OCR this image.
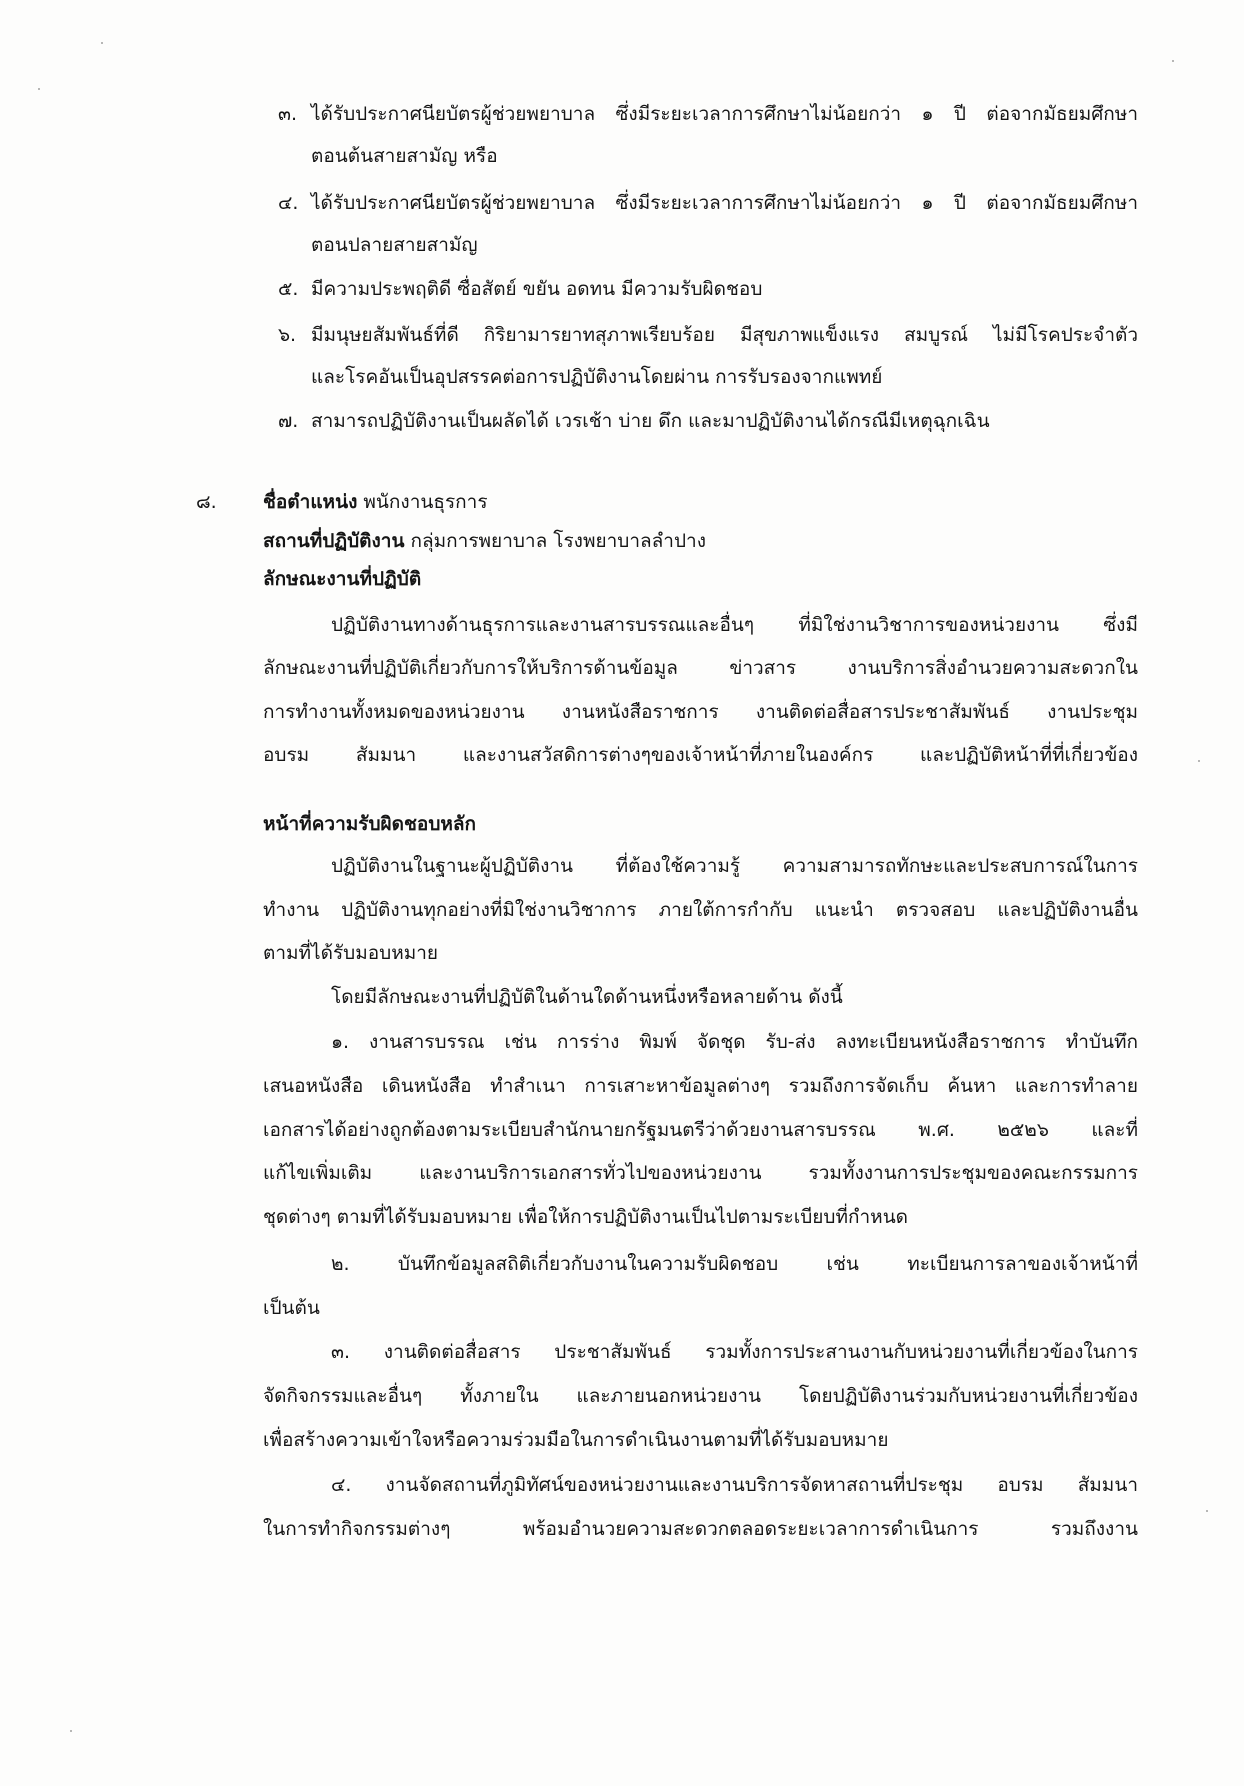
๓. ได้รับประกาศนียบัตรผู้ช่วยพยาบาล ซึ่งมีระยะเวลาการศึกษาไม่น้อยกว่า ๑ ปี ต่อจากมัธยมศึกษา
ตอนต้นสายสามัญ หรือ
๔. ได้รับประกาศนียบัตรผู้ช่วยพยาบาล ซึ่งมีระยะเวลาการศึกษาไม่น้อยกว่า ๑ ปี ต่อจากมัธยมศึกษา
ตอนปลายสายสามัญ
๕. มีความประพฤติดี ซื่อสัตย์ ขยัน อดทน มีความรับผิดชอบ
๖. มีมนุษยสัมพันธ์ที่ดี กิริยามารยาทสุภาพเรียบร้อย มีสุขภาพแข็งแรง สมบูรณ์ ไม่มีโรคประจำตัว
และโรคอันเป็นอุปสรรคต่อการปฏิบัติงานโดยผ่าน การรับรองจากแพทย์
๗. สามารถปฏิบัติงานเป็นผลัดได้ เวรเช้า บ่าย ดึก และมาปฏิบัติงานได้กรณีมีเหตุฉุกเฉิน
๘. ชื่อตำแหน่ง พนักงานธุรการ
สถานที่ปฏิบัติงาน กลุ่มการพยาบาล โรงพยาบาลลำปาง
ลักษณะงานที่ปฏิบัติ
ปฏิบัติงานทางด้านธุรการและงานสารบรรณและอื่นๆ ที่มิใช่งานวิชาการของหน่วยงาน ซึ่งมี
ลักษณะงานที่ปฏิบัติเกี่ยวกับการให้บริการด้านข้อมูล ข่าวสาร งานบริการสิ่งอำนวยความสะดวกใน
การทำงานทั้งหมดของหน่วยงาน งานหนังสือราชการ งานติดต่อสื่อสารประชาสัมพันธ์ งานประชุม
อบรม สัมมนา และงานสวัสดิการต่างๆของเจ้าหน้าที่ภายในองค์กร และปฏิบัติหน้าที่ที่เกี่ยวข้อง
หน้าที่ความรับผิดชอบหลัก
ปฏิบัติงานในฐานะผู้ปฏิบัติงาน ที่ต้องใช้ความรู้ ความสามารถทักษะและประสบการณ์ในการ
ทำงาน ปฏิบัติงานทุกอย่างที่มิใช่งานวิชาการ ภายใต้การกำกับ แนะนำ ตรวจสอบ และปฏิบัติงานอื่น
ตามที่ได้รับมอบหมาย
โดยมีลักษณะงานที่ปฏิบัติในด้านใดด้านหนึ่งหรือหลายด้าน ดังนี้
๑. งานสารบรรณ เช่น การร่าง พิมพ์ จัดชุด รับ-ส่ง ลงทะเบียนหนังสือราชการ ทำบันทึก
เสนอหนังสือ เดินหนังสือ ทำสำเนา การเสาะหาข้อมูลต่างๆ รวมถึงการจัดเก็บ ค้นหา และการทำลาย
เอกสารได้อย่างถูกต้องตามระเบียบสำนักนายกรัฐมนตรีว่าด้วยงานสารบรรณ พ.ศ. ๒๕๒๖ และที่
แก้ไขเพิ่มเติม และงานบริการเอกสารทั่วไปของหน่วยงาน รวมทั้งงานการประชุมของคณะกรรมการ
ชุดต่างๆ ตามที่ได้รับมอบหมาย เพื่อให้การปฏิบัติงานเป็นไปตามระเบียบที่กำหนด
๒. บันทึกข้อมูลสถิติเกี่ยวกับงานในความรับผิดชอบ เช่น ทะเบียนการลาของเจ้าหน้าที่
เป็นต้น
๓. งานติดต่อสื่อสาร ประชาสัมพันธ์ รวมทั้งการประสานงานกับหน่วยงานที่เกี่ยวข้องในการ
จัดกิจกรรมและอื่นๆ ทั้งภายใน และภายนอกหน่วยงาน โดยปฏิบัติงานร่วมกับหน่วยงานที่เกี่ยวข้อง
เพื่อสร้างความเข้าใจหรือความร่วมมือในการดำเนินงานตามที่ได้รับมอบหมาย
๔. งานจัดสถานที่ภูมิทัศน์ของหน่วยงานและงานบริการจัดหาสถานที่ประชุม อบรม สัมมนา
ในการทำกิจกรรมต่างๆ พร้อมอำนวยความสะดวกตลอดระยะเวลาการดำเนินการ รวมถึงงาน
